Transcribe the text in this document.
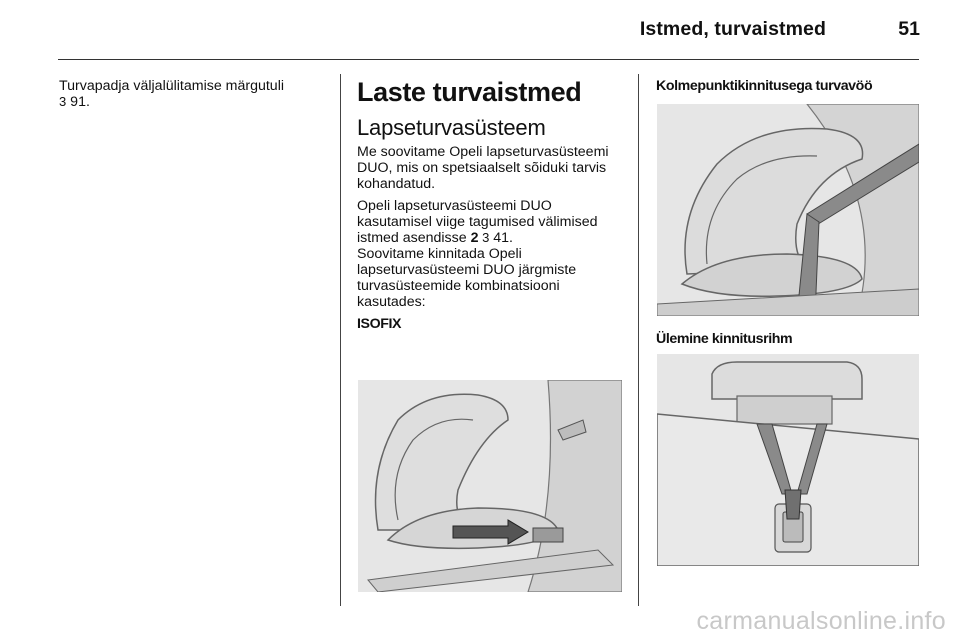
Istmed, turvaistmed	51

Turvapadja väljalülitamise märgutuli
3 91.	Laste turvaistmed
Lapseturvasüsteem

Me soovitame Opeli lapseturvasüsteemi DUO, mis on spetsiaalselt sõiduki tarvis kohandatud.

Opeli lapseturvasüsteemi DUO kasutamisel viige tagumised välimised istmed asendisse 2 3 41.

Soovitame kinnitada Opeli lapseturvasüsteemi DUO järgmiste turvasüsteemide kombinatsiooni kasutades:

ISOFIX
Kolmepunktikinnitusega turvavöö
Ülemine kinnitusrihm
carmanualsonline.info
